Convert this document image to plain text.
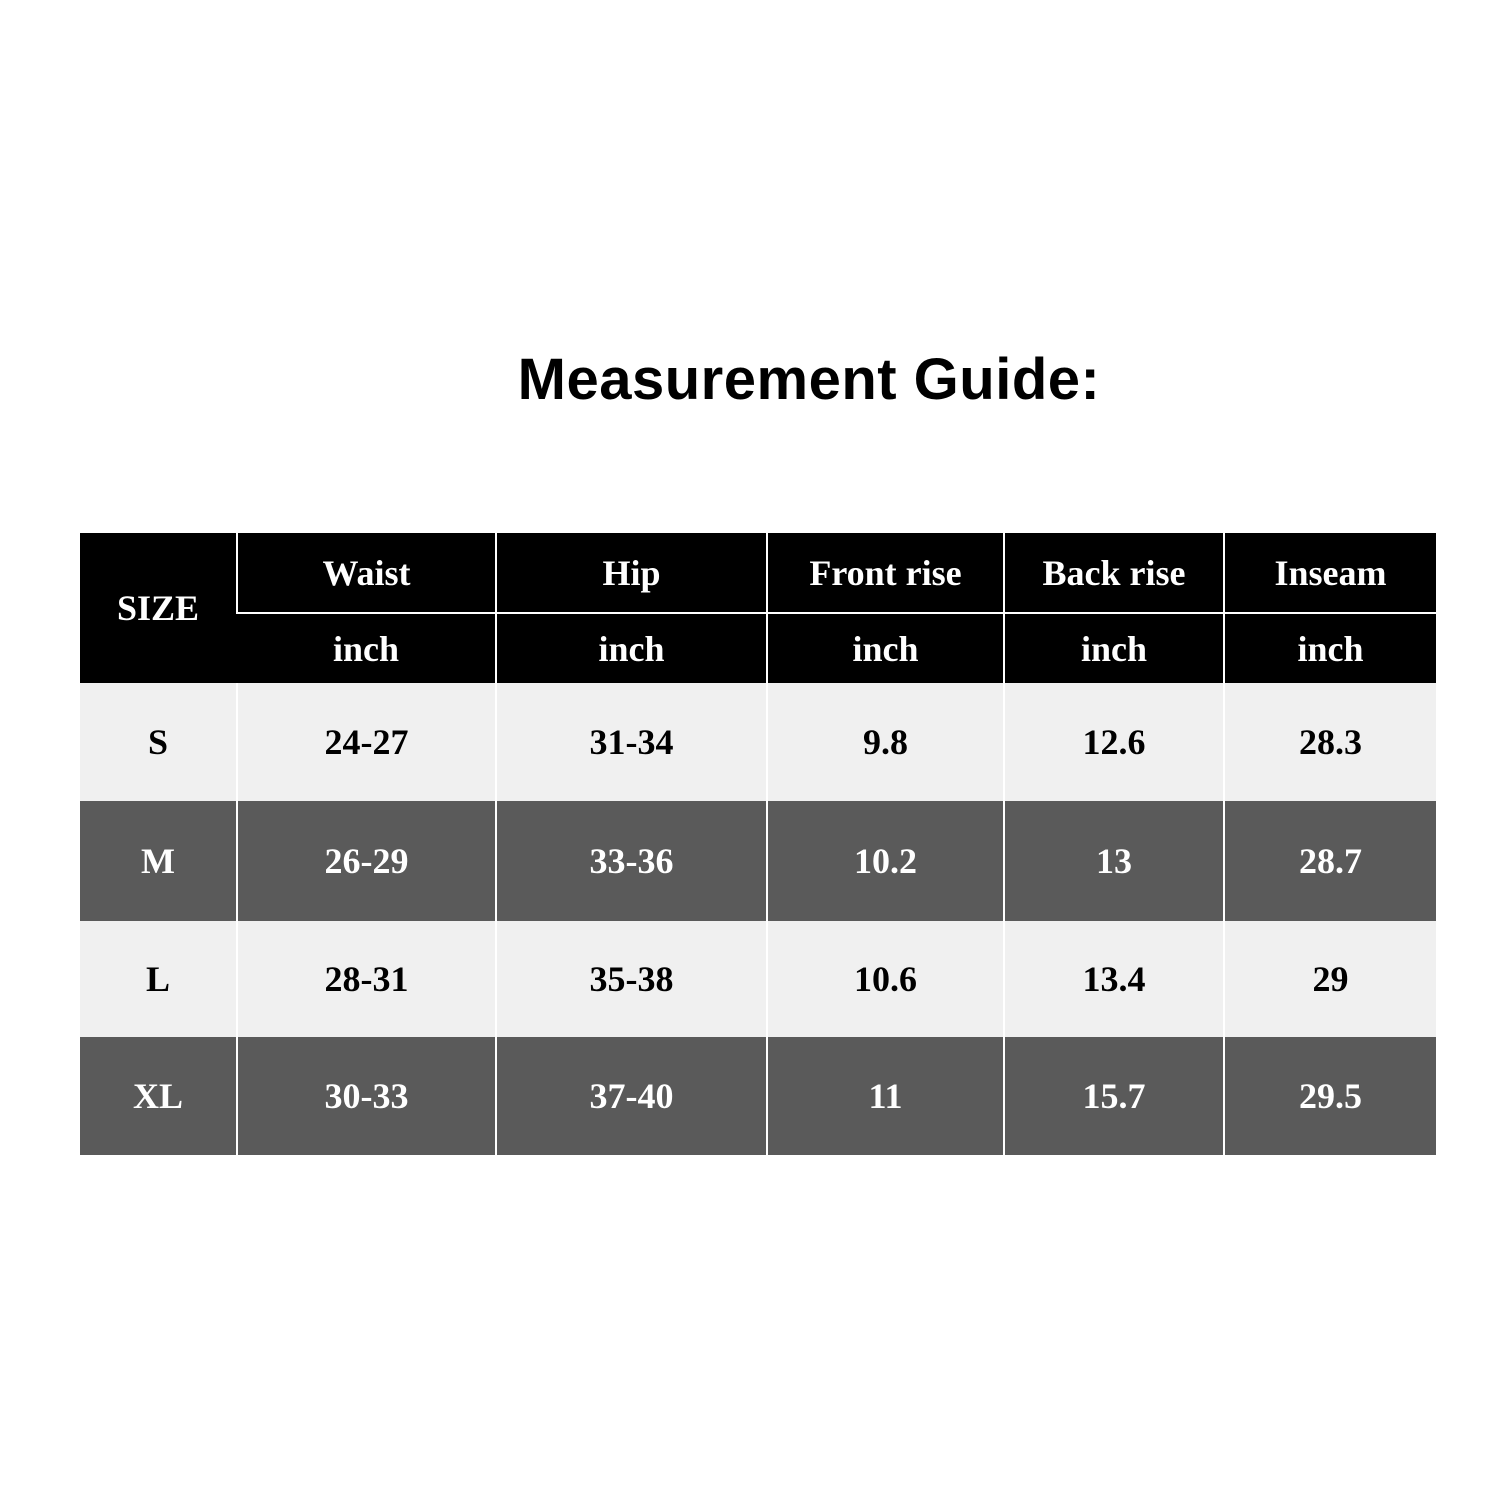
Measurement Guide:
SIZE	Waist	Hip	Front rise	Back rise	Inseam
	inch	inch	inch	inch	inch
S	24-27	31-34	9.8	12.6	28.3
M	26-29	33-36	10.2	13	28.7
L	28-31	35-38	10.6	13.4	29
XL	30-33	37-40	11	15.7	29.5
